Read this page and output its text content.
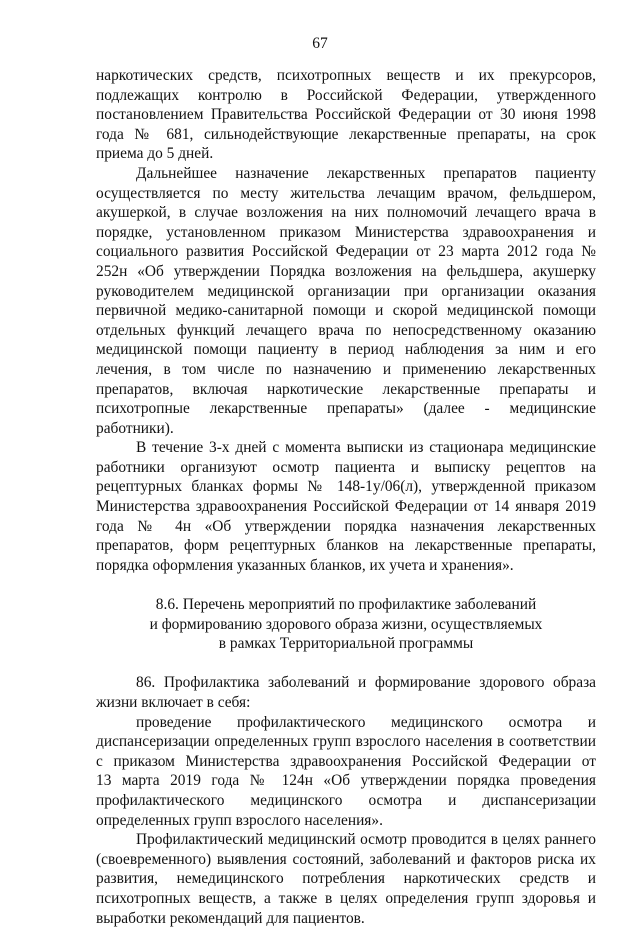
67
наркотических средств, психотропных веществ и их прекурсоров,
подлежащих контролю в Российской Федерации, утвержденного
постановлением Правительства Российской Федерации от 30 июня 1998
года № 681, сильнодействующие лекарственные препараты, на срок
приема до 5 дней.
Дальнейшее назначение лекарственных препаратов пациенту
осуществляется по месту жительства лечащим врачом, фельдшером,
акушеркой, в случае возложения на них полномочий лечащего врача в
порядке, установленном приказом Министерства здравоохранения и
социального развития Российской Федерации от 23 марта 2012 года №
252н «Об утверждении Порядка возложения на фельдшера, акушерку
руководителем медицинской организации при организации оказания
первичной медико-санитарной помощи и скорой медицинской помощи
отдельных функций лечащего врача по непосредственному оказанию
медицинской помощи пациенту в период наблюдения за ним и его
лечения, в том числе по назначению и применению лекарственных
препаратов, включая наркотические лекарственные препараты и
психотропные лекарственные препараты» (далее - медицинские
работники).
В течение 3-х дней с момента выписки из стационара медицинские
работники организуют осмотр пациента и выписку рецептов на
рецептурных бланках формы № 148-1у/06(л), утвержденной приказом
Министерства здравоохранения Российской Федерации от 14 января 2019
года № 4н «Об утверждении порядка назначения лекарственных
препаратов, форм рецептурных бланков на лекарственные препараты,
порядка оформления указанных бланков, их учета и хранения».
8.6. Перечень мероприятий по профилактике заболеваний
и формированию здорового образа жизни, осуществляемых
в рамках Территориальной программы
86. Профилактика заболеваний и формирование здорового образа
жизни включает в себя:
проведение профилактического медицинского осмотра и
диспансеризации определенных групп взрослого населения в соответствии
с приказом Министерства здравоохранения Российской Федерации от
13 марта 2019 года № 124н «Об утверждении порядка проведения
профилактического медицинского осмотра и диспансеризации
определенных групп взрослого населения».
Профилактический медицинский осмотр проводится в целях раннего
(своевременного) выявления состояний, заболеваний и факторов риска их
развития, немедицинского потребления наркотических средств и
психотропных веществ, а также в целях определения групп здоровья и
выработки рекомендаций для пациентов.
